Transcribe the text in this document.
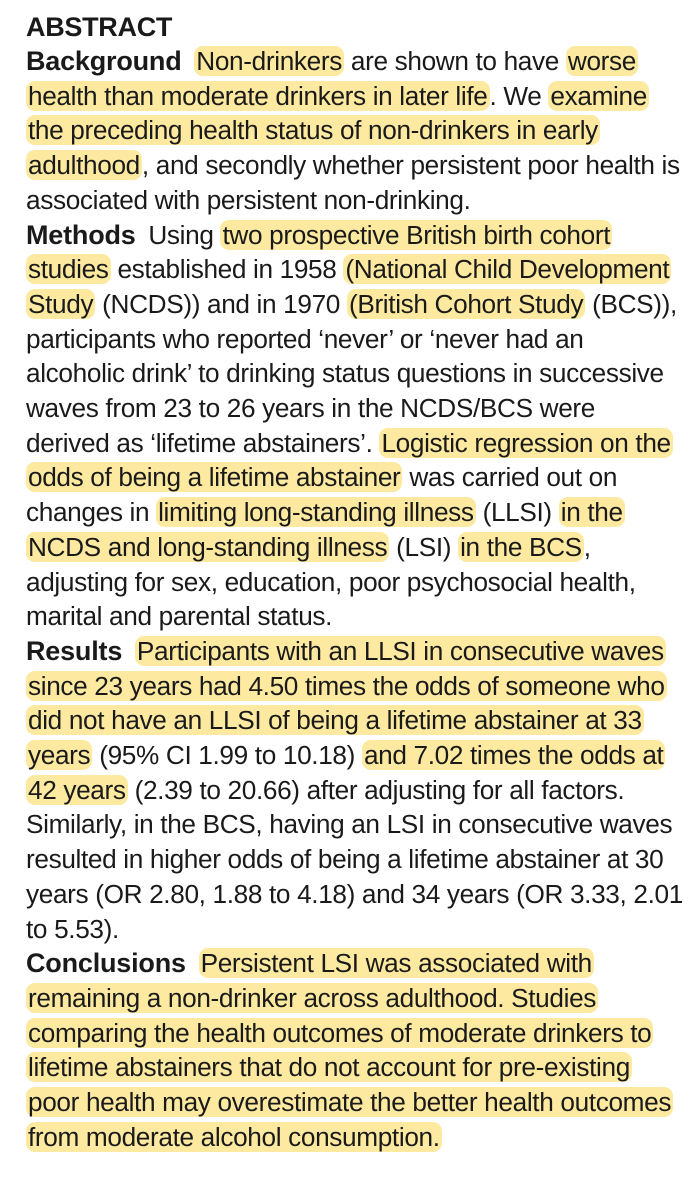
ABSTRACT

Background  Non-drinkers are shown to have worse health than moderate drinkers in later life. We examine the preceding health status of non-drinkers in early adulthood, and secondly whether persistent poor health is associated with persistent non-drinking.

Methods  Using two prospective British birth cohort studies established in 1958 (National Child Development Study (NCDS)) and in 1970 (British Cohort Study (BCS)), participants who reported ‘never’ or ‘never had an alcoholic drink’ to drinking status questions in successive waves from 23 to 26 years in the NCDS/BCS were derived as ‘lifetime abstainers’. Logistic regression on the odds of being a lifetime abstainer was carried out on changes in limiting long-standing illness (LLSI) in the NCDS and long-standing illness (LSI) in the BCS, adjusting for sex, education, poor psychosocial health, marital and parental status.

Results  Participants with an LLSI in consecutive waves since 23 years had 4.50 times the odds of someone who did not have an LLSI of being a lifetime abstainer at 33 years (95% CI 1.99 to 10.18) and 7.02 times the odds at 42 years (2.39 to 20.66) after adjusting for all factors. Similarly, in the BCS, having an LSI in consecutive waves resulted in higher odds of being a lifetime abstainer at 30 years (OR 2.80, 1.88 to 4.18) and 34 years (OR 3.33, 2.01 to 5.53).

Conclusions  Persistent LSI was associated with remaining a non-drinker across adulthood. Studies comparing the health outcomes of moderate drinkers to lifetime abstainers that do not account for pre-existing poor health may overestimate the better health outcomes from moderate alcohol consumption.
